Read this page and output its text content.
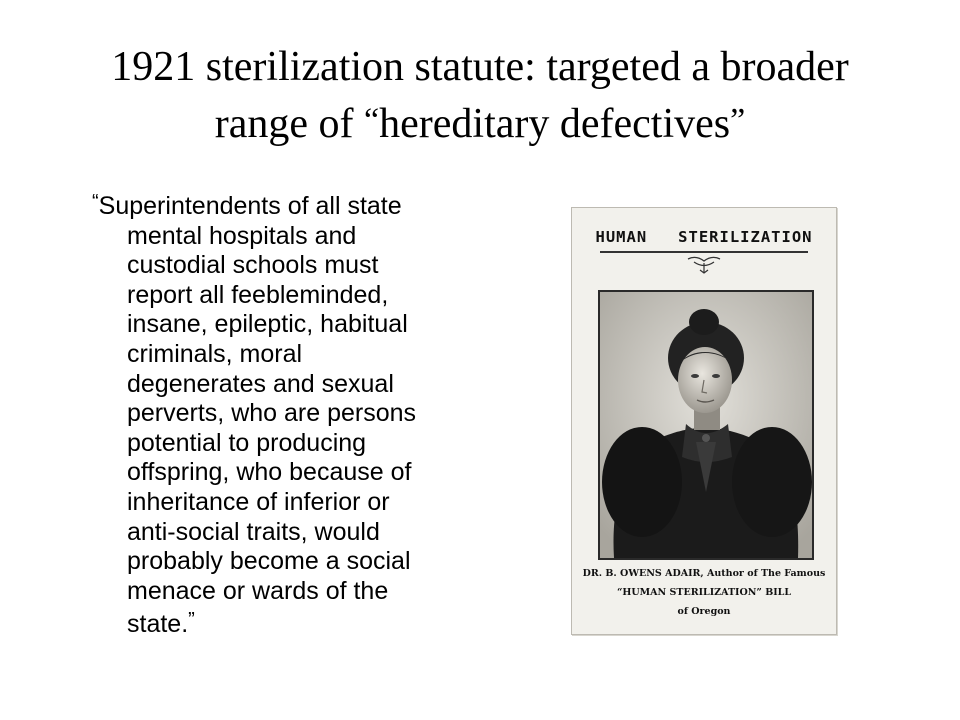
1921 sterilization statute: targeted a broader
range of “hereditary defectives”
“Superintendents of all state
mental hospitals and
custodial schools must
report all feebleminded,
insane, epileptic, habitual
criminals, moral
degenerates and sexual
perverts, who are persons
potential to producing
offspring, who because of
inheritance of inferior or
anti-social traits, would
probably become a social
menace or wards of the
state.”
HUMAN   STERILIZATION
DR. B. OWENS ADAIR, Author of The Famous
“HUMAN STERILIZATION” BILL
of Oregon
